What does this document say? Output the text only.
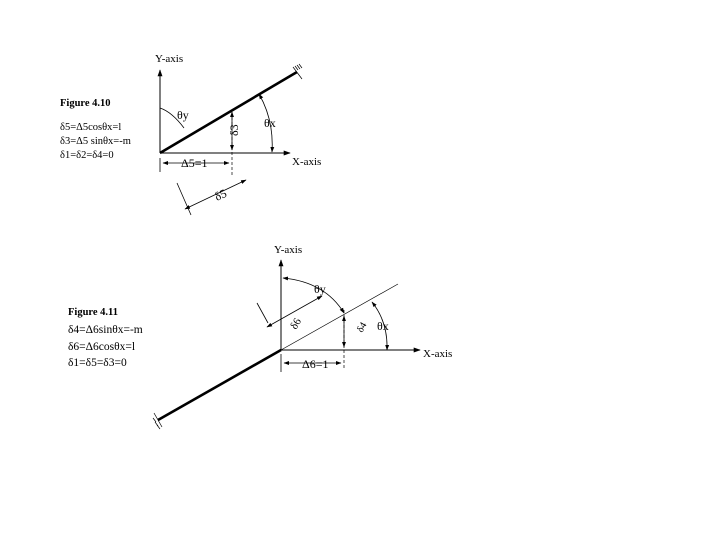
Figure 4.10
δ5=Δ5cosθx=l
δ3=Δ5 sinθx=-m
δ1=δ2=δ4=0
Figure 4.11
δ4=Δ6sinθx=-m
δ6=Δ6cosθx=l
δ1=δ5=δ3=0
Y-axis
X-axis
θy
θx
δ3
Δ5=1
δ5
Y-axis
X-axis
θy
θx
δ6	δ4
Δ6=1
